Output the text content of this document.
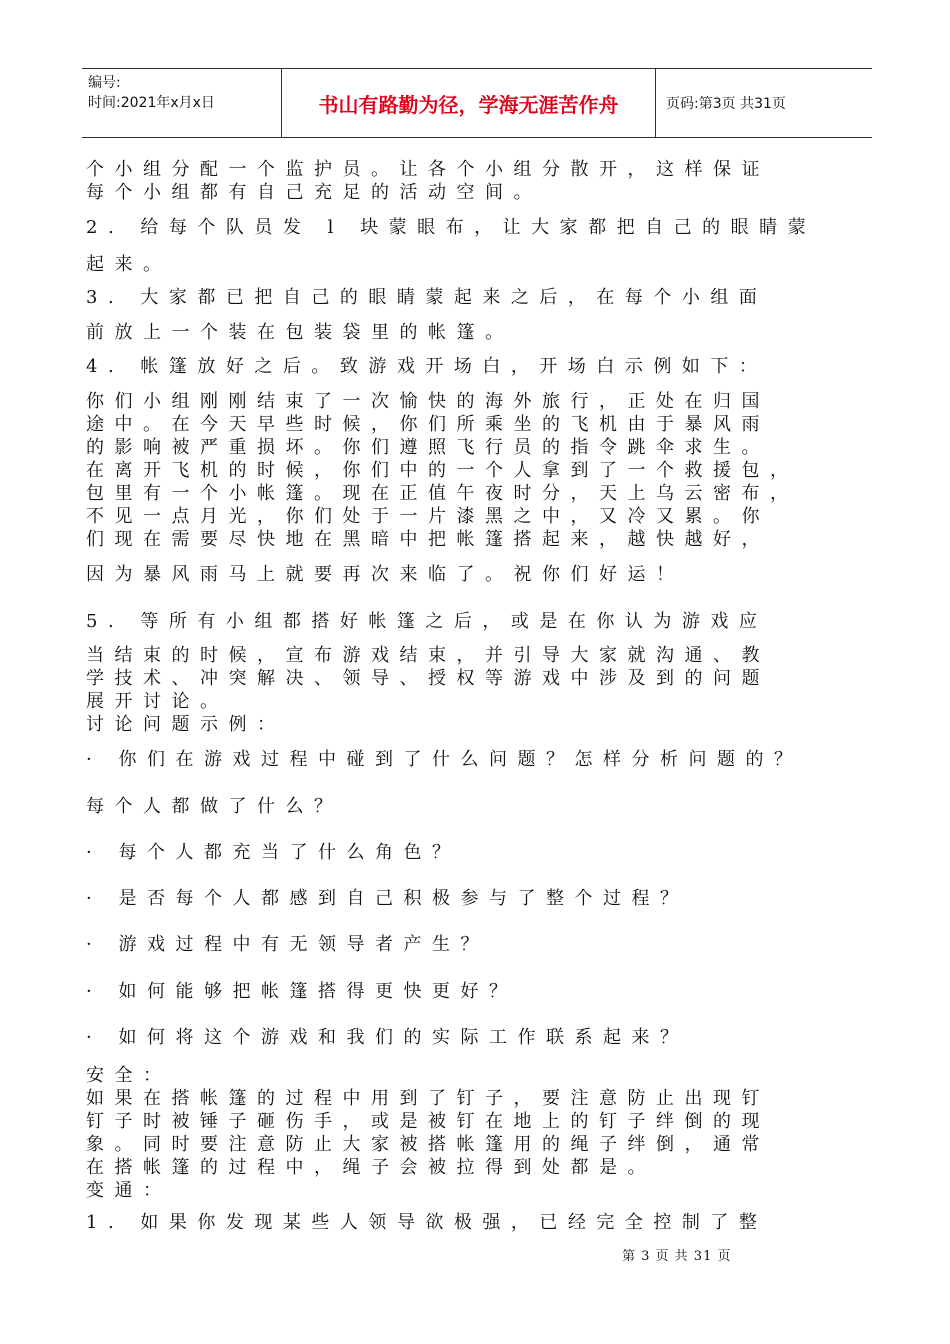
编号:
时间:2021年x月x日	书山有路勤为径，学海无涯苦作舟	页码:第3页 共31页

个小组分配一个监护员。让各个小组分散开，这样保证
每个小组都有自己充足的活动空间。

2. 给每个队员发 l 块蒙眼布，让大家都把自己的眼睛蒙

起来。

3. 大家都已把自己的眼睛蒙起来之后，在每个小组面

前放上一个装在包装袋里的帐篷。

4. 帐篷放好之后。致游戏开场白，开场白示例如下：

你们小组刚刚结束了一次愉快的海外旅行，正处在归国
途中。在今天早些时候，你们所乘坐的飞机由于暴风雨
的影响被严重损坏。你们遵照飞行员的指令跳伞求生。
在离开飞机的时候，你们中的一个人拿到了一个救援包，
包里有一个小帐篷。现在正值午夜时分，天上乌云密布，
不见一点月光，你们处于一片漆黑之中，又冷又累。你
们现在需要尽快地在黑暗中把帐篷搭起来，越快越好，

因为暴风雨马上就要再次来临了。祝你们好运！

5. 等所有小组都搭好帐篷之后，或是在你认为游戏应

当结束的时候，宣布游戏结束，并引导大家就沟通、教
学技术、冲突解决、领导、授权等游戏中涉及到的问题
展开讨论。
讨论问题示例：

· 你们在游戏过程中碰到了什么问题？怎样分析问题的？

每个人都做了什么？

· 每个人都充当了什么角色？

· 是否每个人都感到自己积极参与了整个过程？

· 游戏过程中有无领导者产生？

· 如何能够把帐篷搭得更快更好？

· 如何将这个游戏和我们的实际工作联系起来？

安全：
如果在搭帐篷的过程中用到了钉子，要注意防止出现钉
钉子时被锤子砸伤手，或是被钉在地上的钉子绊倒的现
象。同时要注意防止大家被搭帐篷用的绳子绊倒，通常
在搭帐篷的过程中，绳子会被拉得到处都是。
变通：

1. 如果你发现某些人领导欲极强，已经完全控制了整

第 3 页 共 31 页
